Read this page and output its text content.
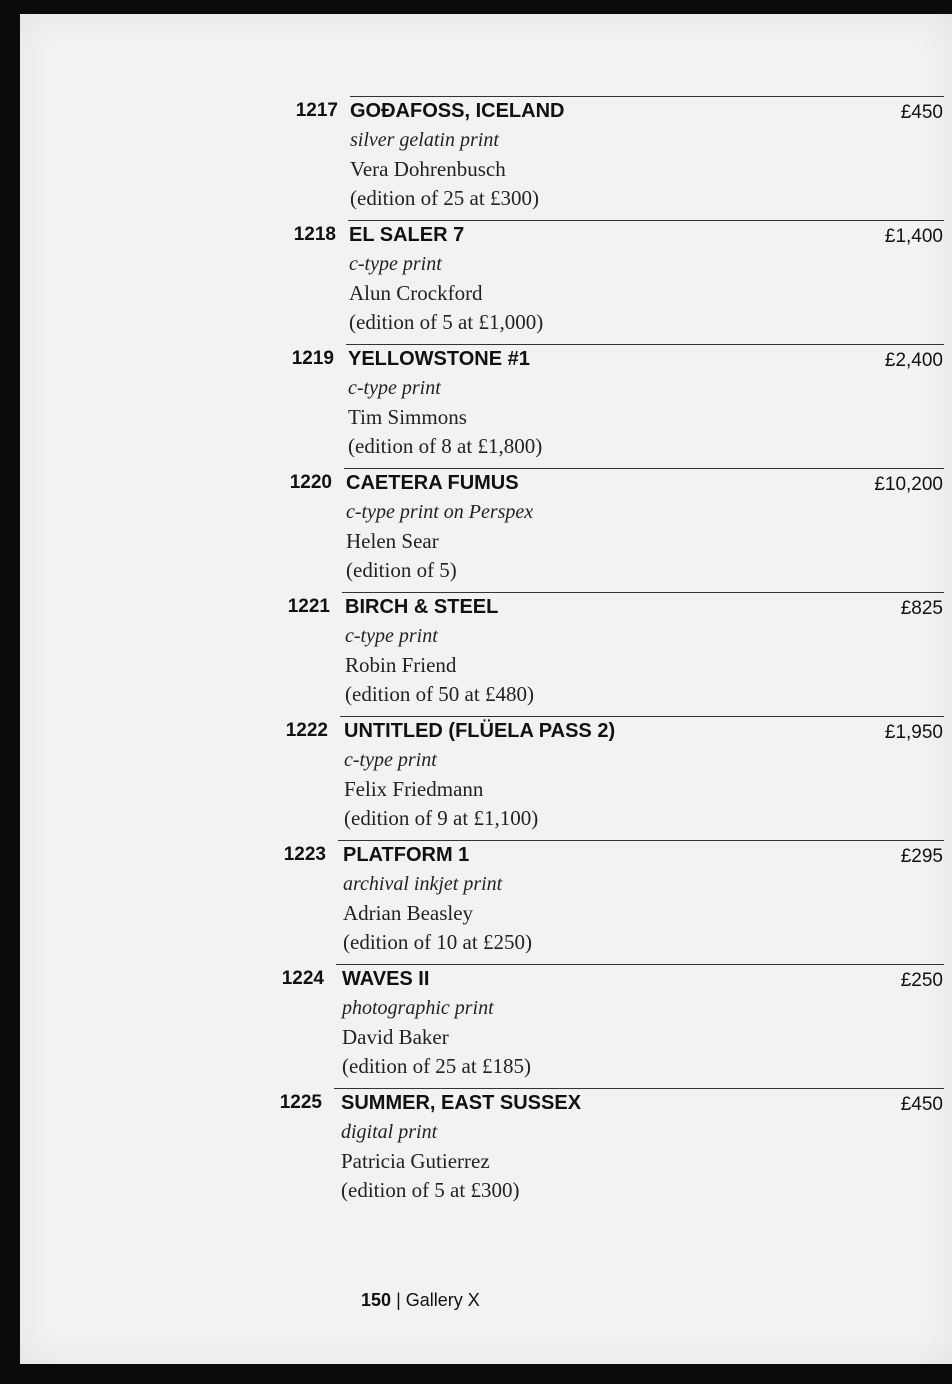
1217 GOĐAFOSS, ICELAND
silver gelatin print
Vera Dohrenbusch
(edition of 25 at £300)
£450
1218 EL SALER 7
c-type print
Alun Crockford
(edition of 5 at £1,000)
£1,400
1219 YELLOWSTONE #1
c-type print
Tim Simmons
(edition of 8 at £1,800)
£2,400
1220 CAETERA FUMUS
c-type print on Perspex
Helen Sear
(edition of 5)
£10,200
1221 BIRCH & STEEL
c-type print
Robin Friend
(edition of 50 at £480)
£825
1222 UNTITLED (FLÜELA PASS 2)
c-type print
Felix Friedmann
(edition of 9 at £1,100)
£1,950
1223 PLATFORM 1
archival inkjet print
Adrian Beasley
(edition of 10 at £250)
£295
1224 WAVES II
photographic print
David Baker
(edition of 25 at £185)
£250
1225 SUMMER, EAST SUSSEX
digital print
Patricia Gutierrez
(edition of 5 at £300)
£450
150 | Gallery X
